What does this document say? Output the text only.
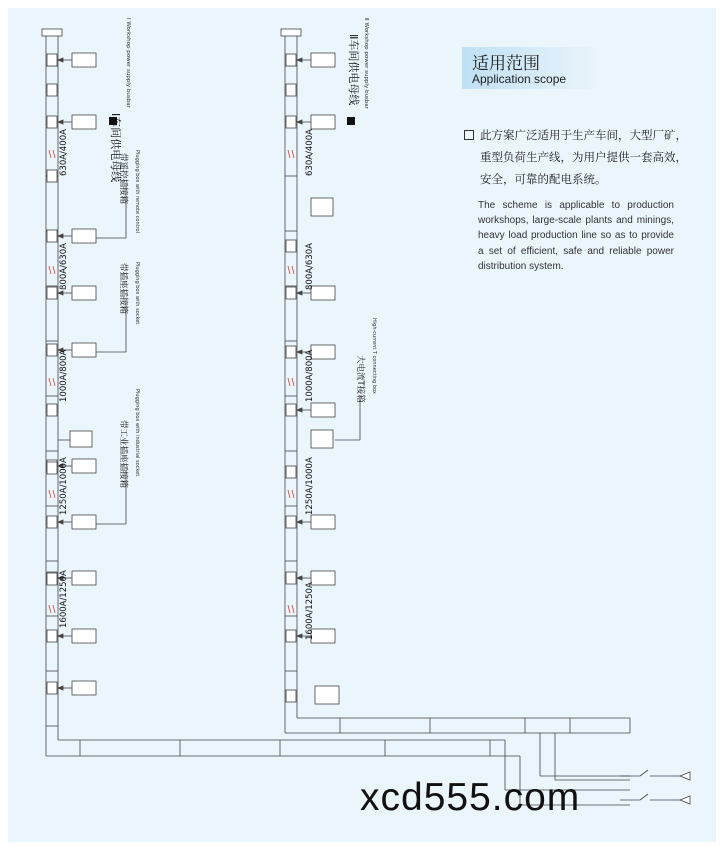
Ⅰ车间供电母线
Ⅰ Workshop power supply busbar
630A/400A
800A/630A
1000A/800A
1250A/1000A
1600A/1250A
带遥控插接箱 Plugging box with remote control
带插座插接箱 Plugging box with socket
带工业插座插接箱 Plugging box with industrial socket
Ⅱ车间供电母线 Ⅱ Workshop power supply busbar
630A/400A
800A/630A
1000A/800A
1250A/1000A
1600A/1250A
大电流T接箱 High-current T connecting box
适用范围
Application scope
此方案广泛适用于生产车间，大型厂矿，
重型负荷生产线，为用户提供一套高效，
安全，可靠的配电系统。
The scheme is applicable to production workshops, large-scale plants and minings, heavy load production line so as to provide a set of efficient, safe and reliable power distribution system.
xcd555.com
